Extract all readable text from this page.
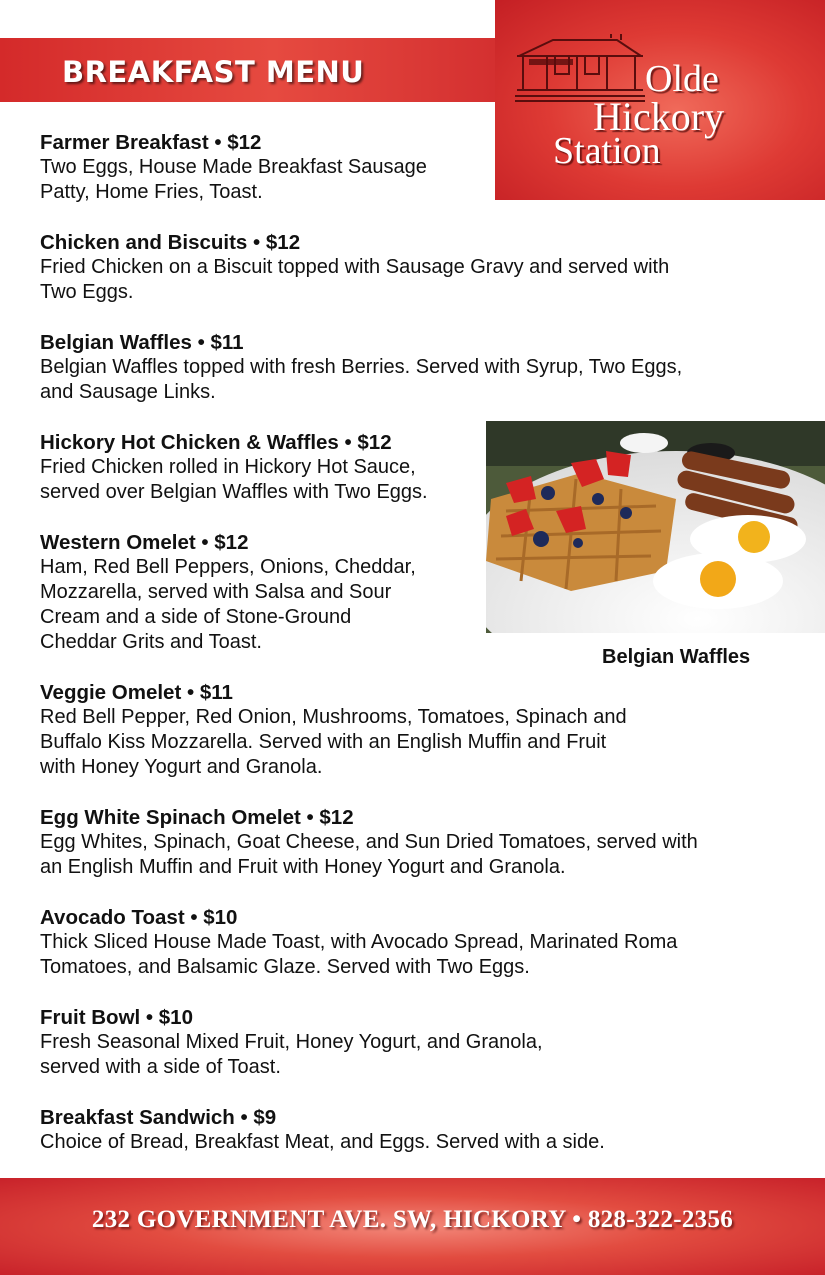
BREAKFAST MENU	Olde
Hickory
Station
Farmer Breakfast • $12
Two Eggs, House Made Breakfast Sausage
Patty, Home Fries, Toast.
Chicken and Biscuits • $12
Fried Chicken on a Biscuit topped with Sausage Gravy and served with
Two Eggs.
Belgian Waffles • $11
Belgian Waffles topped with fresh Berries. Served with Syrup, Two Eggs,
and Sausage Links.
Hickory Hot Chicken & Waffles • $12
Fried Chicken rolled in Hickory Hot Sauce,
served over Belgian Waffles with Two Eggs.
Western Omelet • $12
Ham, Red Bell Peppers, Onions, Cheddar,
Mozzarella, served with Salsa and Sour
Cream and a side of Stone-Ground
Cheddar Grits and Toast.
Veggie Omelet • $11
Red Bell Pepper, Red Onion, Mushrooms, Tomatoes, Spinach and
Buffalo Kiss Mozzarella. Served with an English Muffin and Fruit
with Honey Yogurt and Granola.
Egg White Spinach Omelet • $12
Egg Whites, Spinach, Goat Cheese, and Sun Dried Tomatoes, served with
an English Muffin and Fruit with Honey Yogurt and Granola.
Avocado Toast • $10
Thick Sliced House Made Toast, with Avocado Spread, Marinated Roma
Tomatoes, and Balsamic Glaze. Served with Two Eggs.
Fruit Bowl • $10
Fresh Seasonal Mixed Fruit, Honey Yogurt, and Granola,
served with a side of Toast.
Breakfast Sandwich • $9
Choice of Bread, Breakfast Meat, and Eggs. Served with a side.
Belgian Waffles
232 GOVERNMENT AVE. SW, HICKORY • 828-322-2356
